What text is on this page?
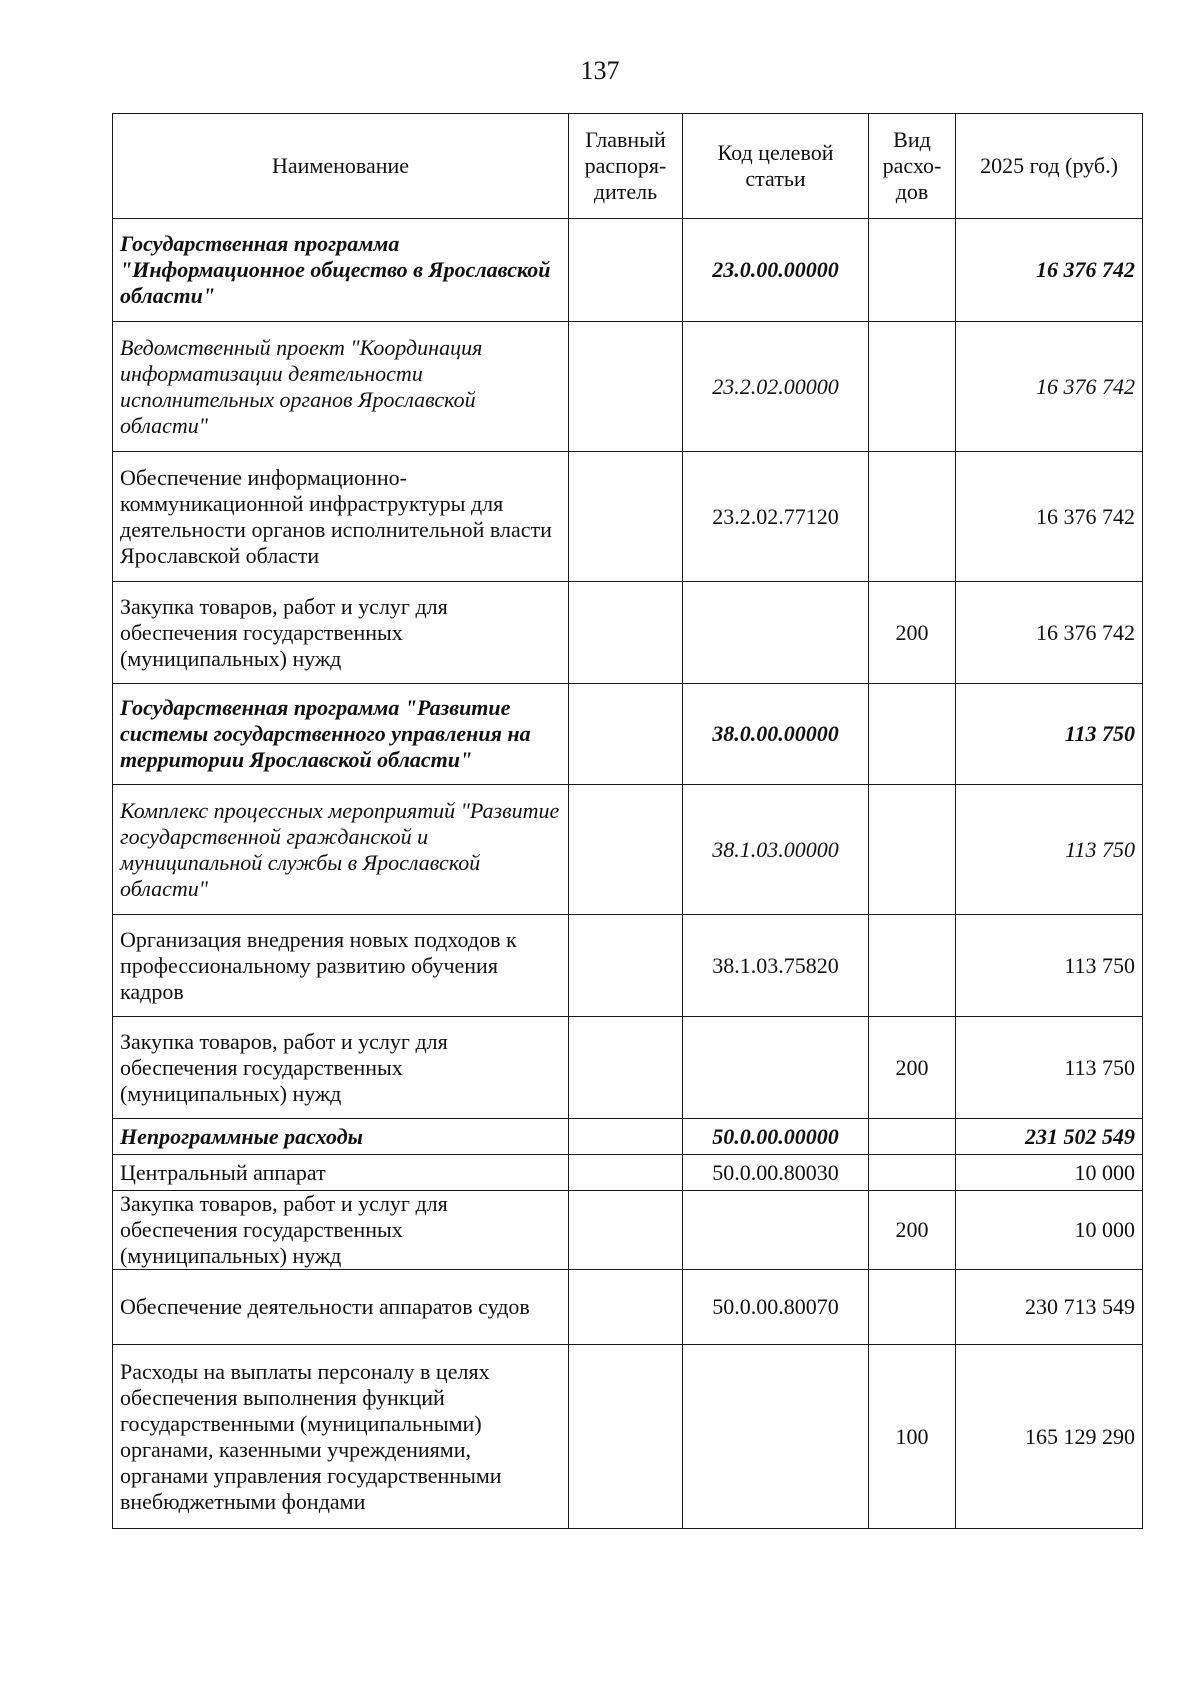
137
Наименование	Главный распоря-дитель	Код целевой статьи	Вид расхо-дов	2025 год (руб.)
Государственная программа "Информационное общество в Ярославской области"		23.0.00.00000		16 376 742
Ведомственный проект "Координация информатизации деятельности исполнительных органов Ярославской области"		23.2.02.00000		16 376 742
Обеспечение информационно-коммуникационной инфраструктуры для деятельности органов исполнительной власти Ярославской области		23.2.02.77120		16 376 742
Закупка товаров, работ и услуг для обеспечения государственных (муниципальных) нужд			200	16 376 742
Государственная программа "Развитие системы государственного управления на территории Ярославской области"		38.0.00.00000		113 750
Комплекс процессных мероприятий "Развитие государственной гражданской и муниципальной службы в Ярославской области"		38.1.03.00000		113 750
Организация внедрения новых подходов к профессиональному развитию обучения кадров		38.1.03.75820		113 750
Закупка товаров, работ и услуг для обеспечения государственных (муниципальных) нужд			200	113 750
Непрограммные расходы		50.0.00.00000		231 502 549
Центральный аппарат		50.0.00.80030		10 000
Закупка товаров, работ и услуг для обеспечения государственных (муниципальных) нужд			200	10 000
Обеспечение деятельности аппаратов судов		50.0.00.80070		230 713 549
Расходы на выплаты персоналу в целях обеспечения выполнения функций государственными (муниципальными) органами, казенными учреждениями, органами управления государственными внебюджетными фондами			100	165 129 290
